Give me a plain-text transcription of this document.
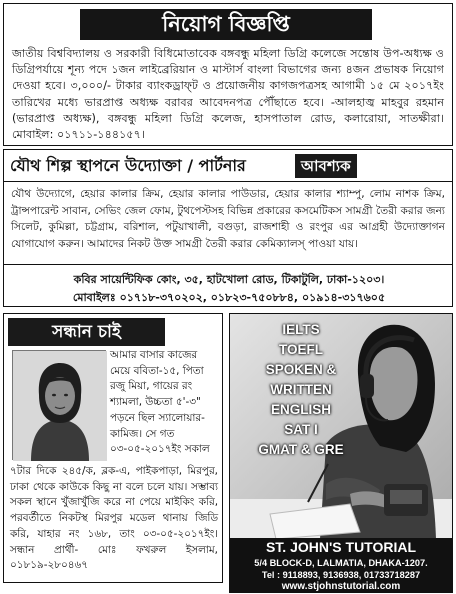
নিয়োগ বিজ্ঞপ্তি

জাতীয় বিশ্ববিদ্যালয় ও সরকারী বিধিমোতাবেক বঙ্গবন্ধু মহিলা ডিগ্রি কলেজে সন্তোষ উপ-অধ্যক্ষ ও ডিগ্রিপর্যায়ে শূন্য পদে ১জন লাইব্রেরিয়ান ও মাস্টার্স বাংলা বিভাগের জন্য ৪জন প্রভাষক নিয়োগ দেওয়া হবে। ৩,০০০/- টাকার ব্যাংকড্রাফ্‌ট ও প্রয়োজনীয় কাগজপত্রসহ আগামী ১৫ মে ২০১৭ইং তারিখের মধ্যে ভারপ্রাপ্ত অধ্যক্ষ বরাবর আবেদনপত্র পৌঁছাতে হবে। -আলহাজ্ব মাহবুর রহমান (ভারপ্রাপ্ত অধ্যক্ষ), বঙ্গবন্ধু মহিলা ডিগ্রি কলেজ, হাসপাতাল রোড, কলারোয়া, সাতক্ষীরা। মোবাইল: ০১৭১১-১৪৪১৫৭।

যৌথ শিল্প স্থাপনে উদ্যোক্তা / পার্টনার	আবশ্যক

যৌথ উদ্যোগে, হেয়ার কালার ক্রিম, হেয়ার কালার পাউডার, হেয়ার কালার শ্যাম্পু, লোম নাশক ক্রিম, ট্রান্সপারেন্ট সাবান, সেভিং জেল ফোম, টুথপেস্টসহ বিভিন্ন প্রকারের কসমেটিকস সামগ্রী তৈরী করার জন্য সিলেট, কুমিল্লা, চট্টগ্রাম, বরিশাল, পটুয়াখালী, বগুড়া, রাজশাহী ও রংপুর এর আগ্রহী উদ্যোক্তাগন যোগাযোগ করুন। আমাদের নিকট উক্ত সামগ্রী তৈরী করার কেমিক্যালস্‌ পাওয়া যায়।

কবির সায়েন্টিফিক কোং, ৩৫, হাটখোলা রোড, টিকাটুলি, ঢাকা-১২০৩।
মোবাইলঃ ০১৭১৮-৩৭০২০২, ০১৮২৩-৭৫০৮৮৪, ০১৯১৪-৩১৭৬০৫
সন্ধান চাই

আমার বাসার কাজের মেয়ে ববিতা-১৫, পিতা রজু মিয়া, গায়ের রং শ্যামলা, উচ্চতা ৫'-৩" পড়নে ছিল স্যালোয়ার-কামিজ। সে গত ০৩-০৫-২০১৭ইং সকাল

৭টার দিকে ২৪৫/ক, ব্লক-এ, পাইকপাড়া, মিরপুর, ঢাকা থেকে কাউকে কিছু না বলে চলে যায়। সম্ভাব্য সকল স্থানে খুঁজাখুঁজি করে না পেয়ে মাইকিং করি, পরবর্তীতে নিকটস্থ মিরপুর মডেল থানায় জিডি করি, যাহার নং ১৬৮, তাং ০৩-০৫-২০১৭ইং। সন্ধান প্রার্থী- মোঃ ফখরুল ইসলাম, ০১৮১৯-২৮০৪৬৭

IELTS
TOEFL
SPOKEN &
WRITTEN ENGLISH
SAT I
GMAT & GRE
ST. JOHN'S TUTORIAL
5/4 BLOCK-D, LALMATIA, DHAKA-1207.
Tel : 9118893, 9136938, 01733718287
www.stjohnstutorial.com
